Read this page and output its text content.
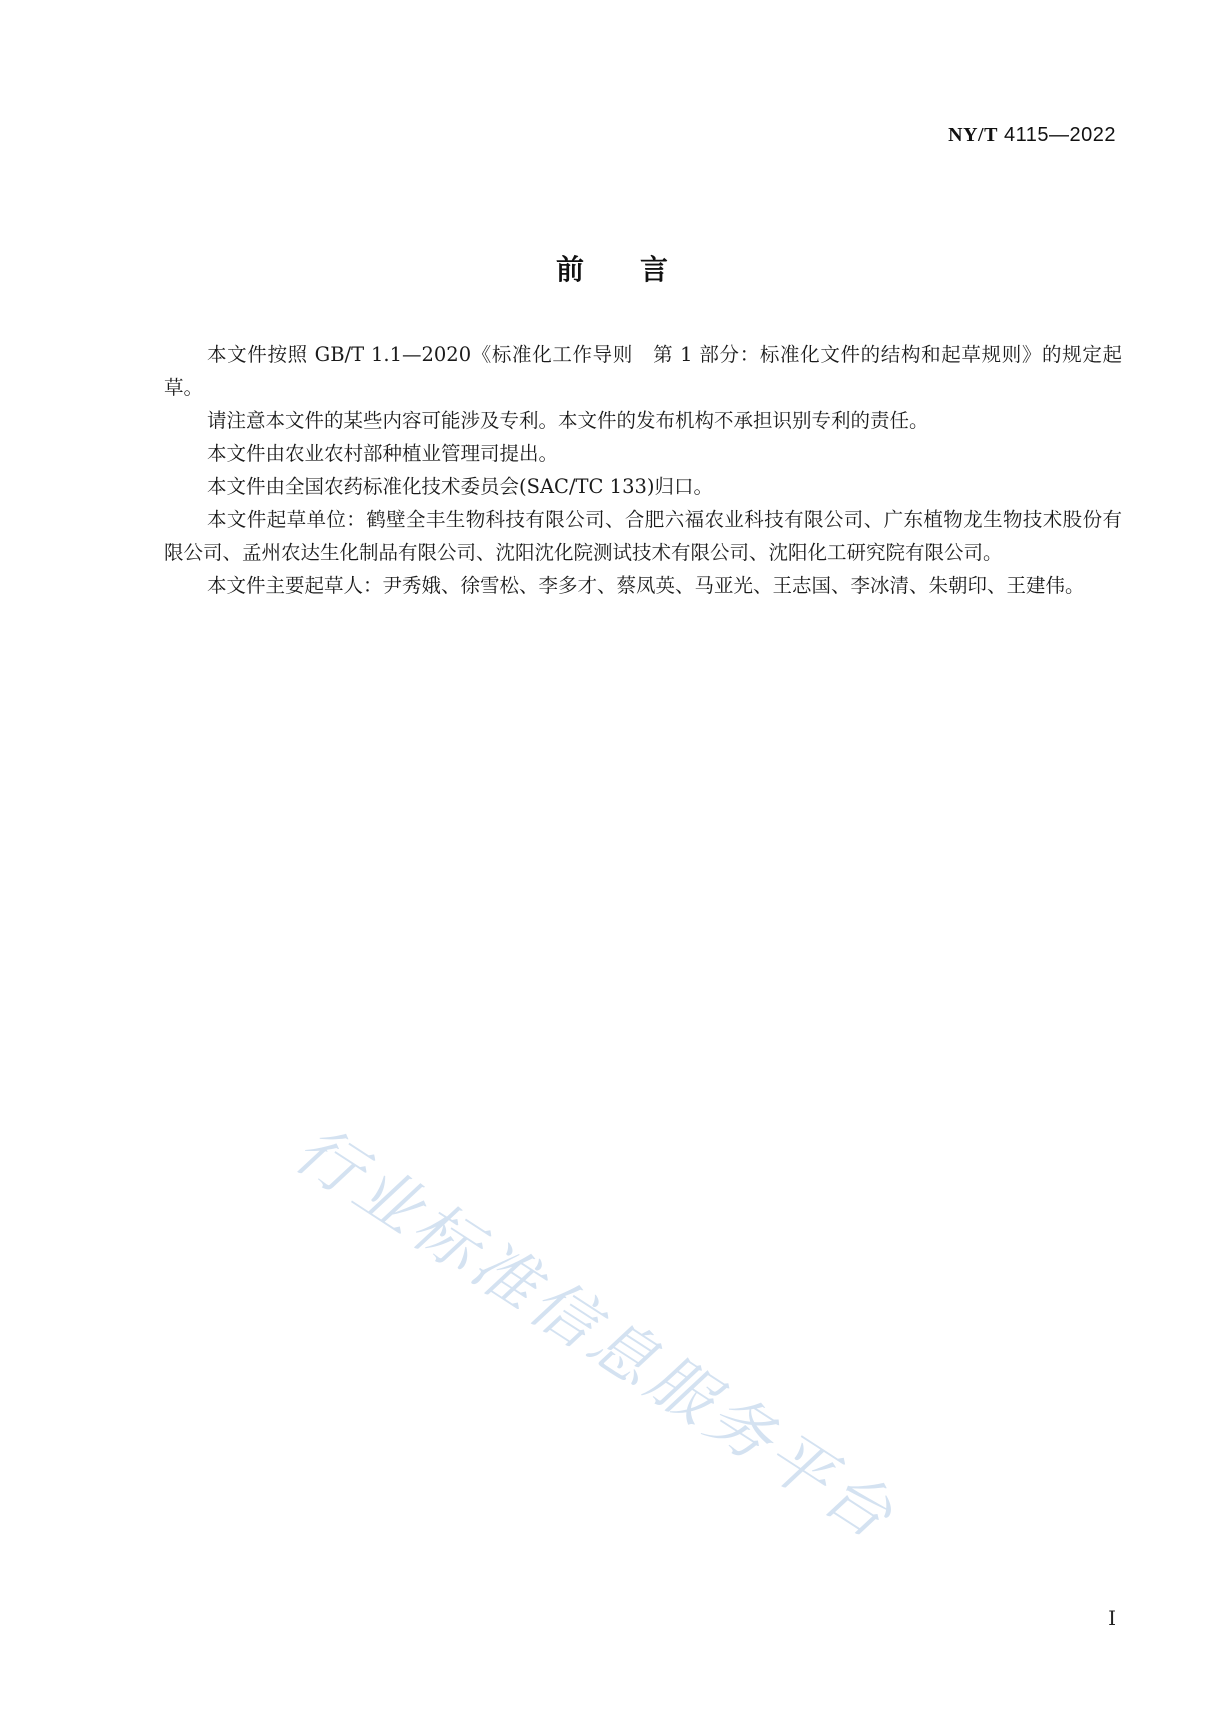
NY/T 4115—2022
前言

本文件按照 GB/T 1.1—2020《标准化工作导则　第 1 部分：标准化文件的结构和起草规则》的规定起草。

请注意本文件的某些内容可能涉及专利。本文件的发布机构不承担识别专利的责任。

本文件由农业农村部种植业管理司提出。

本文件由全国农药标准化技术委员会(SAC/TC 133)归口。

本文件起草单位：鹤壁全丰生物科技有限公司、合肥六福农业科技有限公司、广东植物龙生物技术股份有限公司、孟州农达生化制品有限公司、沈阳沈化院测试技术有限公司、沈阳化工研究院有限公司。

本文件主要起草人：尹秀娥、徐雪松、李多才、蔡凤英、马亚光、王志国、李冰清、朱朝印、王建伟。

行业标准信息服务平台
Ⅰ
